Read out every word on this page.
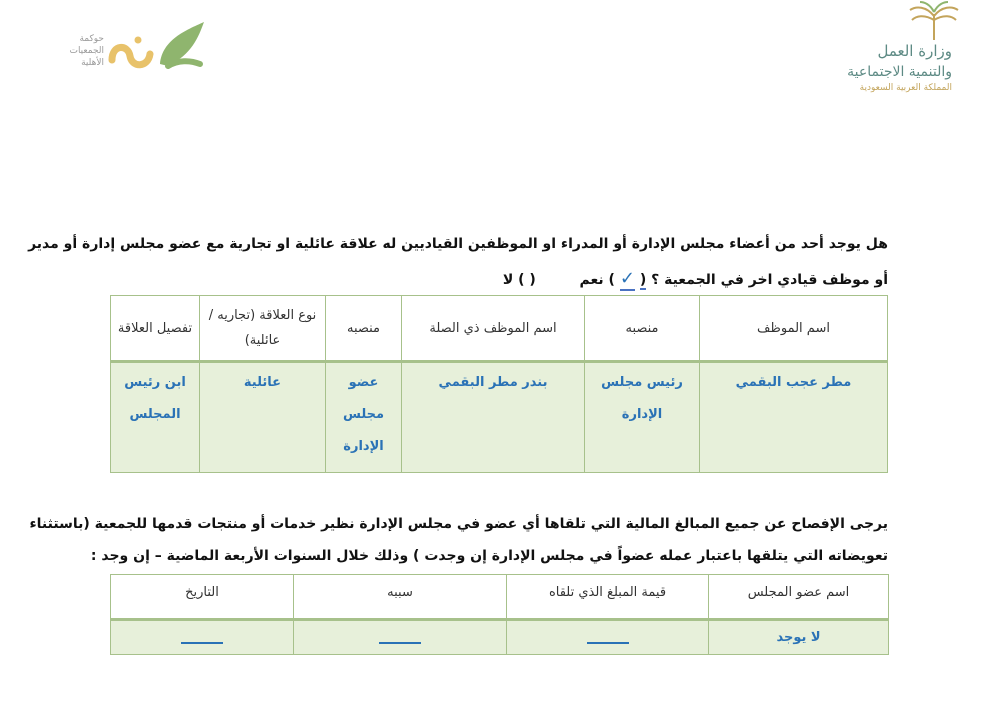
وزارة العمل
والتنمية الاجتماعية
المملكة العربية السعودية
حوكمة
الجمعيات
الأهلية
هل يوجد أحد من أعضاء مجلس الإدارة أو المدراء او الموظفين القياديين له علاقة عائلية او تجارية مع عضو مجلس إدارة أو مدير
أو موظف قيادي اخر في الجمعية ؟ ( ✓ ) نعم  ( ) لا
اسم الموظف	منصبه	اسم الموظف ذي الصلة	منصبه	نوع العلاقة (تجاريه /عائلية)	تفصيل العلاقة
مطر عجب البقمي	رئيس مجلس الإدارة	بندر مطر البقمي	عضو مجلس الإدارة	عائلية	ابن رئيس المجلس
يرجى الإفصاح عن جميع المبالغ المالية التي تلقاها أي عضو في مجلس الإدارة نظير خدمات أو منتجات قدمها للجمعية (باستثناء
تعويضاته التي يتلقها باعتبار عمله عضواً في مجلس الإدارة إن وجدت ) وذلك خلال السنوات الأربعة الماضية – إن وجد :
اسم عضو المجلس	قيمة المبلغ الذي تلقاه	سببه	التاريخ
لا يوجد			
